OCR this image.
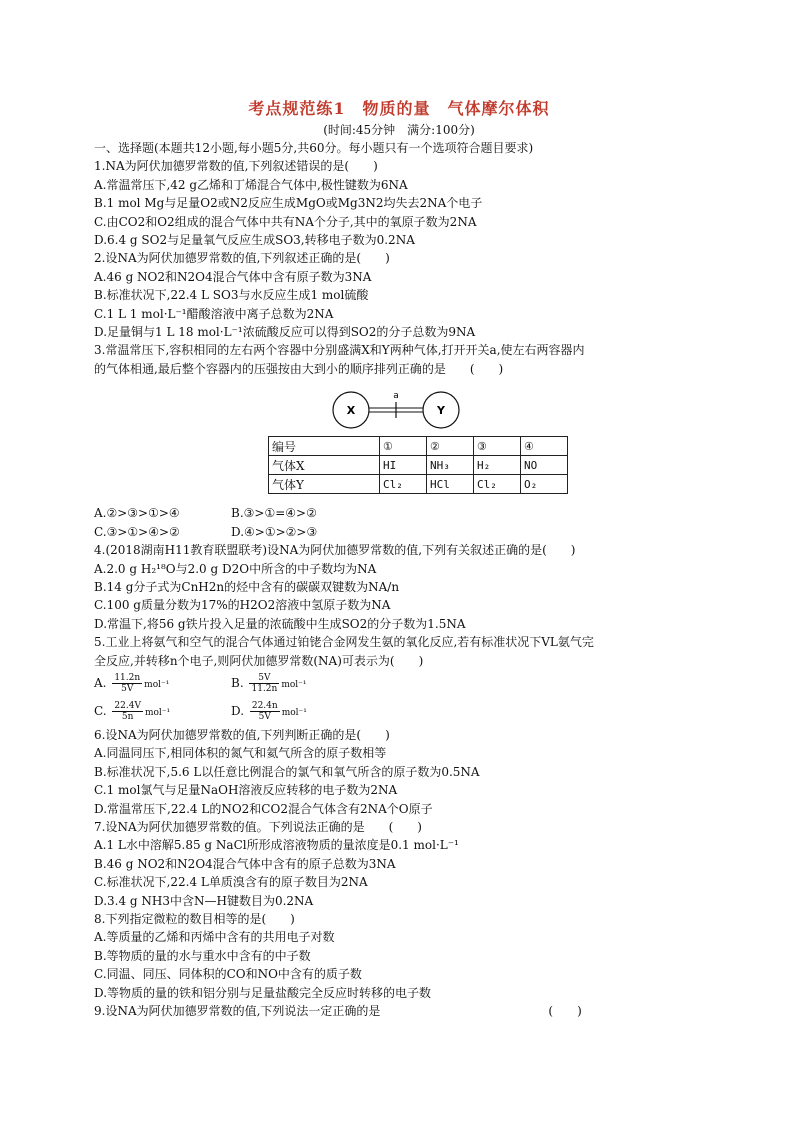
考点规范练1　物质的量　气体摩尔体积
(时间:45分钟　满分:100分)
一、选择题(本题共12小题,每小题5分,共60分。每小题只有一个选项符合题目要求)
1.NA为阿伏加德罗常数的值,下列叙述错误的是(　　)
A.常温常压下,42 g乙烯和丁烯混合气体中,极性键数为6NA
B.1 mol Mg与足量O2或N2反应生成MgO或Mg3N2均失去2NA个电子
C.由CO2和O2组成的混合气体中共有NA个分子,其中的氧原子数为2NA
D.6.4 g SO2与足量氧气反应生成SO3,转移电子数为0.2NA
2.设NA为阿伏加德罗常数的值,下列叙述正确的是(　　)
A.46 g NO2和N2O4混合气体中含有原子数为3NA
B.标准状况下,22.4 L SO3与水反应生成1 mol硫酸
C.1 L 1 mol·L⁻¹醋酸溶液中离子总数为2NA
D.足量铜与1 L 18 mol·L⁻¹浓硫酸反应可以得到SO2的分子总数为9NA
3.常温常压下,容积相同的左右两个容器中分别盛满X和Y两种气体,打开开关a,使左右两容器内
的气体相通,最后整个容器内的压强按由大到小的顺序排列正确的是　　(　　)
X	Y
a
编号	①	②	③	④
气体X	HI	NH₃	H₂	NO
气体Y	Cl₂	HCl	Cl₂	O₂
A.②>③>①>④	B.③>①=④>②
C.③>①>④>②	D.④>①>②>③
4.(2018湖南H11教育联盟联考)设NA为阿伏加德罗常数的值,下列有关叙述正确的是(　　)
A.2.0 g H₂¹⁸O与2.0 g D2O中所含的中子数均为NA
B.14 g分子式为CnH2n的烃中含有的碳碳双键数为NA/n
C.100 g质量分数为17%的H2O2溶液中氢原子数为NA
D.常温下,将56 g铁片投入足量的浓硫酸中生成SO2的分子数为1.5NA
5.工业上将氨气和空气的混合气体通过铂铑合金网发生氨的氧化反应,若有标准状况下VL氨气完
全反应,并转移n个电子,则阿伏加德罗常数(NA)可表示为(　　)
A. $\frac{11.2n}{5V} mol^{-1}$	B. $\frac{5V}{11.2n} mol^{-1}$
C. $\frac{22.4V}{5n} mol^{-1}$	D. $\frac{22.4n}{5V} mol^{-1}$
6.设NA为阿伏加德罗常数的值,下列判断正确的是(　　)
A.同温同压下,相同体积的氮气和氦气所含的原子数相等
B.标准状况下,5.6 L以任意比例混合的氯气和氧气所含的原子数为0.5NA
C.1 mol氯气与足量NaOH溶液反应转移的电子数为2NA
D.常温常压下,22.4 L的NO2和CO2混合气体含有2NA个O原子
7.设NA为阿伏加德罗常数的值。下列说法正确的是　　(　　)
A.1 L水中溶解5.85 g NaCl所形成溶液物质的量浓度是0.1 mol·L⁻¹
B.46 g NO2和N2O4混合气体中含有的原子总数为3NA
C.标准状况下,22.4 L单质溴含有的原子数目为2NA
D.3.4 g NH3中含N—H键数目为0.2NA
8.下列指定微粒的数目相等的是(　　)
A.等质量的乙烯和丙烯中含有的共用电子对数
B.等物质的量的水与重水中含有的中子数
C.同温、同压、同体积的CO和NO中含有的质子数
D.等物质的量的铁和铝分别与足量盐酸完全反应时转移的电子数
9.设NA为阿伏加德罗常数的值,下列说法一定正确的是　　　　　　　　　　　　　　(　　)
